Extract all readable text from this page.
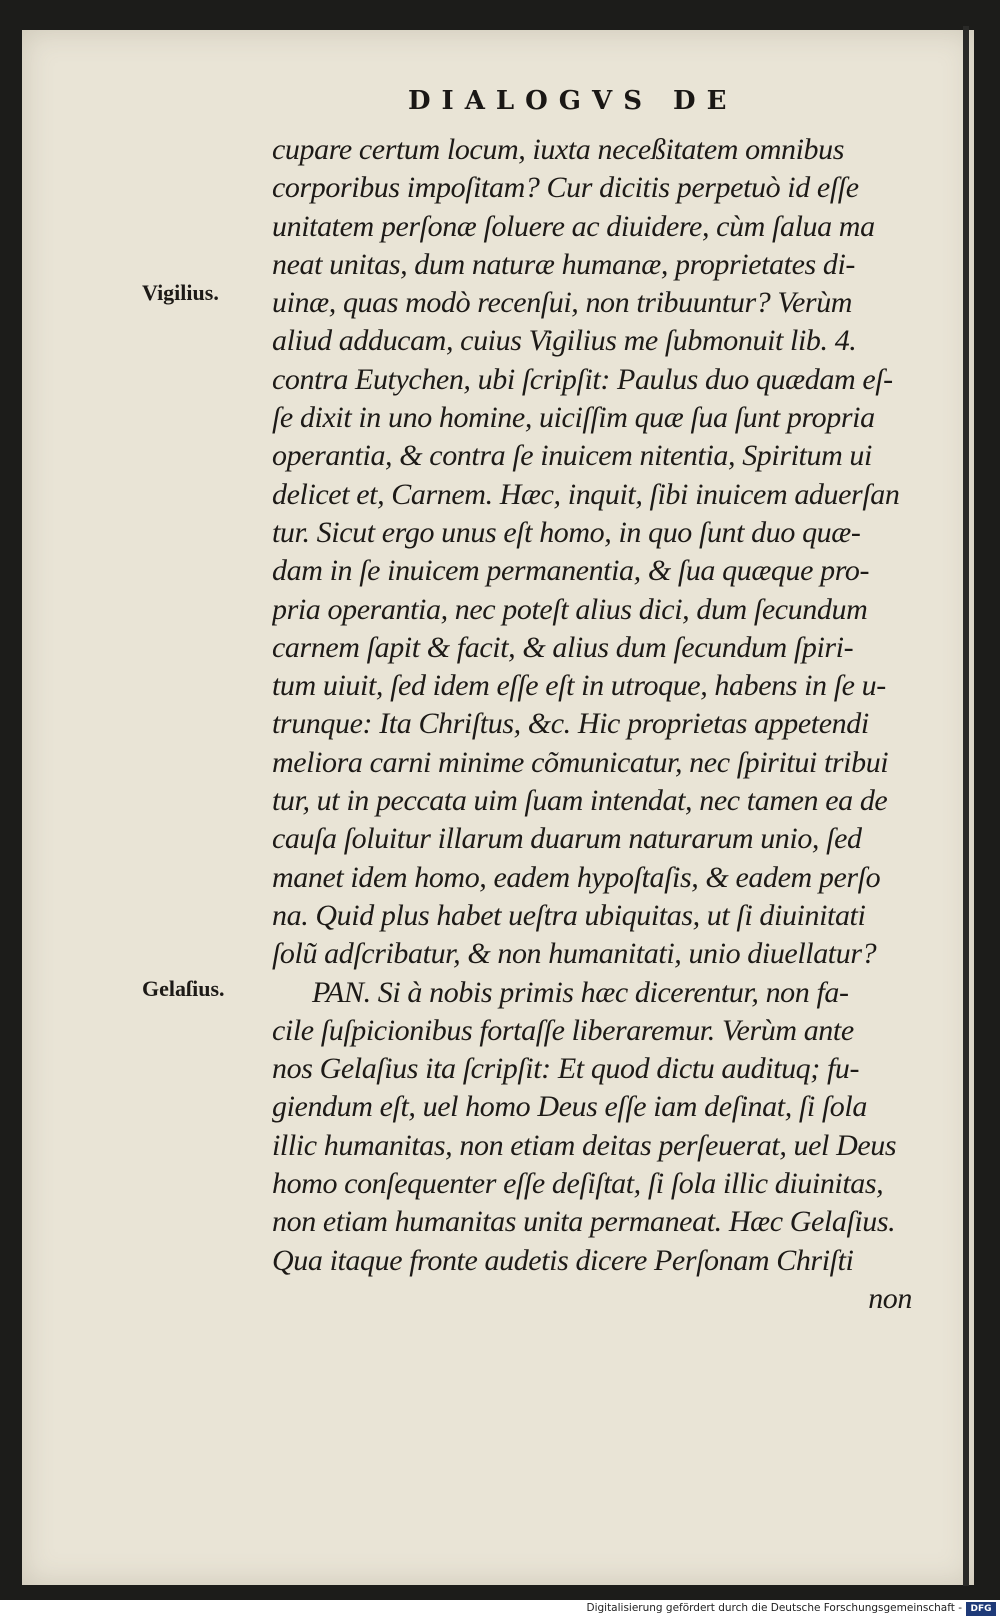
DIALOGVS DE
Vigilius.
Gelaſius.
cupare certum locum, iuxta neceßitatem omnibus
corporibus impoſitam? Cur dicitis perpetuò id eſſe
unitatem perſonæ ſoluere ac diuidere, cùm ſalua ma
neat unitas, dum naturæ humanæ, proprietates di-
uinæ, quas modò recenſui, non tribuuntur? Verùm
aliud adducam, cuius Vigilius me ſubmonuit lib. 4.
contra Eutychen, ubi ſcripſit: Paulus duo quædam eſ-
ſe dixit in uno homine, uiciſſim quæ ſua ſunt propria
operantia, & contra ſe inuicem nitentia, Spiritum ui
delicet et, Carnem. Hæc, inquit, ſibi inuicem aduerſan
tur. Sicut ergo unus eſt homo, in quo ſunt duo quæ-
dam in ſe inuicem permanentia, & ſua quæque pro-
pria operantia, nec poteſt alius dici, dum ſecundum
carnem ſapit & facit, & alius dum ſecundum ſpiri-
tum uiuit, ſed idem eſſe eſt in utroque, habens in ſe u-
trunque: Ita Chriſtus, &c. Hic proprietas appetendi
meliora carni minime cõmunicatur, nec ſpiritui tribui
tur, ut in peccata uim ſuam intendat, nec tamen ea de
cauſa ſoluitur illarum duarum naturarum unio, ſed
manet idem homo, eadem hypoſtaſis, & eadem perſo
na. Quid plus habet ueſtra ubiquitas, ut ſi diuinitati
ſolũ adſcribatur, & non humanitati, unio diuellatur?
PAN. Si à nobis primis hæc dicerentur, non fa-
cile ſuſpicionibus fortaſſe liberaremur. Verùm ante
nos Gelaſius ita ſcripſit: Et quod dictu audituq; fu-
giendum eſt, uel homo Deus eſſe iam deſinat, ſi ſola
illic humanitas, non etiam deitas perſeuerat, uel Deus
homo conſequenter eſſe deſiſtat, ſi ſola illic diuinitas,
non etiam humanitas unita permaneat. Hæc Gelaſius.
Qua itaque fronte audetis dicere Perſonam Chriſti
non
Digitalisierung gefördert durch die Deutsche Forschungsgemeinschaft - DFG
